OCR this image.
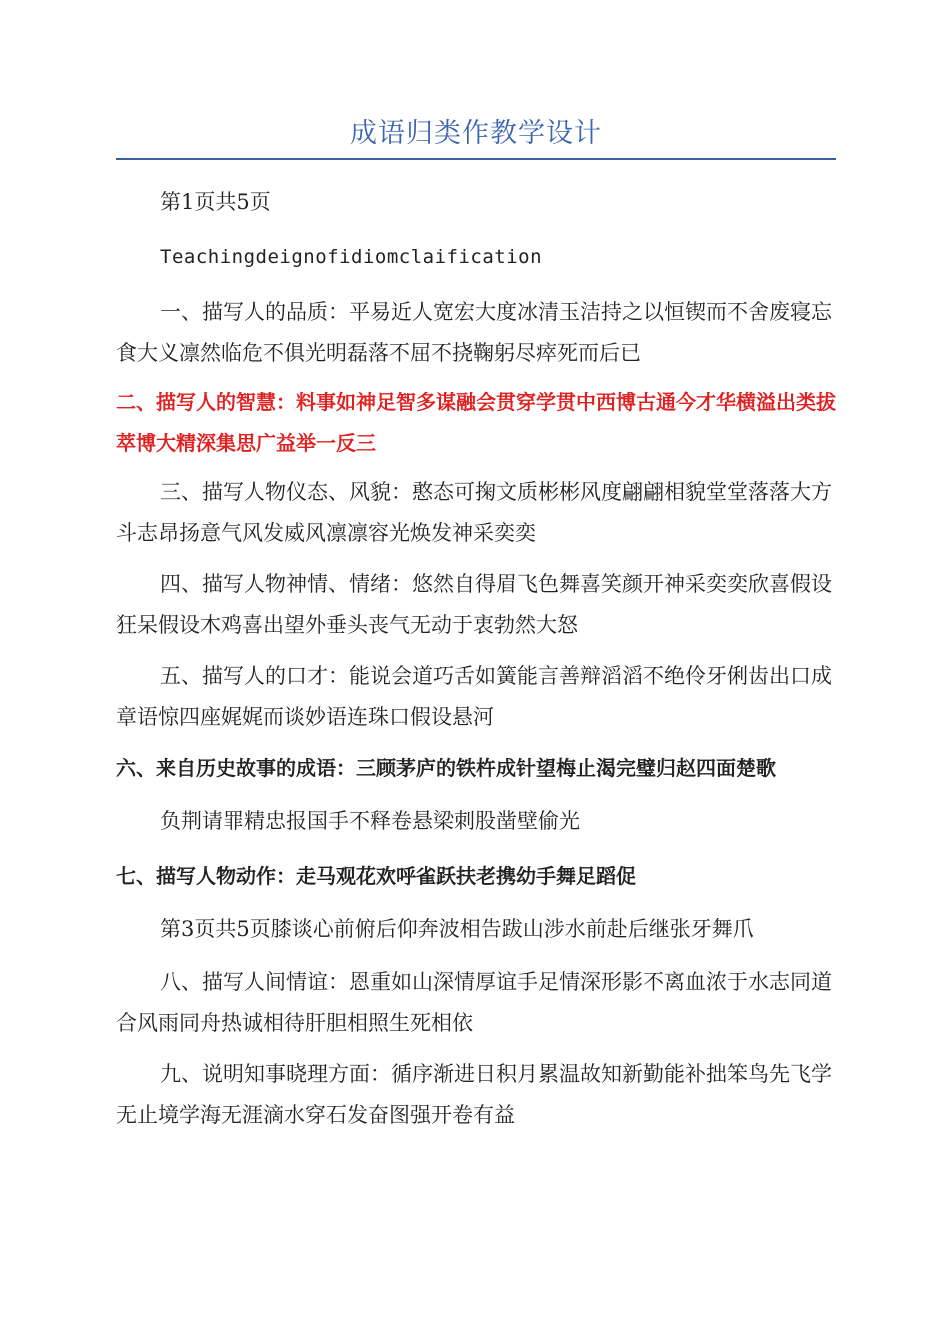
成语归类作教学设计

第1页共5页

Teachingdeignofidiomclaification

一、描写人的品质：平易近人宽宏大度冰清玉洁持之以恒锲而不舍废寝忘食大义凛然临危不俱光明磊落不屈不挠鞠躬尽瘁死而后已

二、描写人的智慧：料事如神足智多谋融会贯穿学贯中西博古通今才华横溢出类拔萃博大精深集思广益举一反三

三、描写人物仪态、风貌：憨态可掬文质彬彬风度翩翩相貌堂堂落落大方斗志昂扬意气风发威风凛凛容光焕发神采奕奕

四、描写人物神情、情绪：悠然自得眉飞色舞喜笑颜开神采奕奕欣喜假设狂呆假设木鸡喜出望外垂头丧气无动于衷勃然大怒

五、描写人的口才：能说会道巧舌如簧能言善辩滔滔不绝伶牙俐齿出口成章语惊四座娓娓而谈妙语连珠口假设悬河

六、来自历史故事的成语：三顾茅庐的铁杵成针望梅止渴完璧归赵四面楚歌

负荆请罪精忠报国手不释卷悬梁刺股凿壁偷光

七、描写人物动作：走马观花欢呼雀跃扶老携幼手舞足蹈促

第3页共5页膝谈心前俯后仰奔波相告跋山涉水前赴后继张牙舞爪

八、描写人间情谊：恩重如山深情厚谊手足情深形影不离血浓于水志同道合风雨同舟热诚相待肝胆相照生死相依

九、说明知事晓理方面：循序渐进日积月累温故知新勤能补拙笨鸟先飞学无止境学海无涯滴水穿石发奋图强开卷有益
